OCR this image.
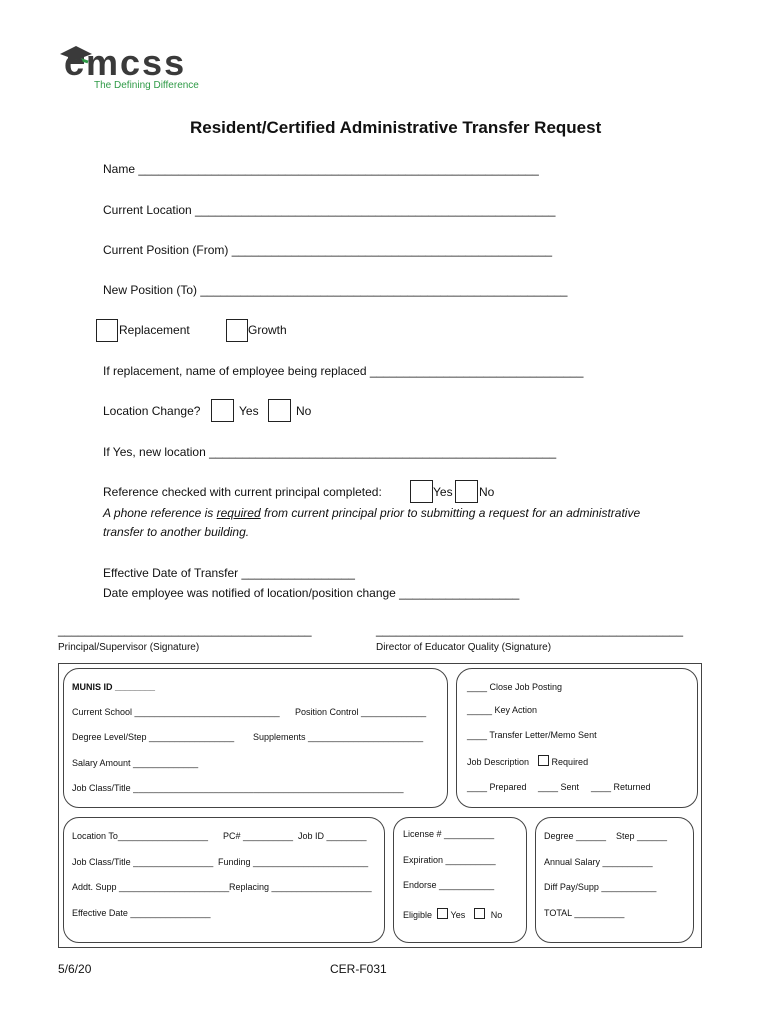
cmcss
The Defining Difference
Resident/Certified Administrative Transfer Request
Name ____________________________________________________________
Current Location ______________________________________________________
Current Position (From) ________________________________________________
New Position (To) _______________________________________________________
Replacement	Growth
If replacement, name of employee being replaced ________________________________
Location Change?	Yes	No
If Yes, new location ____________________________________________________
Reference checked with current principal completed:	Yes No
A phone reference is required from current principal prior to submitting a request for an administrative
transfer to another building.
Effective Date of Transfer _________________
Date employee was notified of location/position change __________________
______________________________________	______________________________________________
Principal/Supervisor (Signature)	Director of Educator Quality (Signature)
MUNIS ID ________
Current School _____________________________ Position Control _____________
Degree Level/Step _________________ Supplements _______________________
Salary Amount _____________
Job Class/Title ______________________________________________________
____ Close Job Posting
_____ Key Action
____ Transfer Letter/Memo Sent
Job Description	Required
____ Prepared ____ Sent ____ Returned
Location To__________________ PC# __________ Job ID ________
Job Class/Title ________________ Funding _______________________
Addt. Supp ______________________ Replacing ____________________
Effective Date ________________
License # __________
Expiration __________
Endorse ___________
Eligible Yes	No
Degree ______ Step ______
Annual Salary __________
Diff Pay/Supp ___________
TOTAL __________
5/6/20	CER-F031
